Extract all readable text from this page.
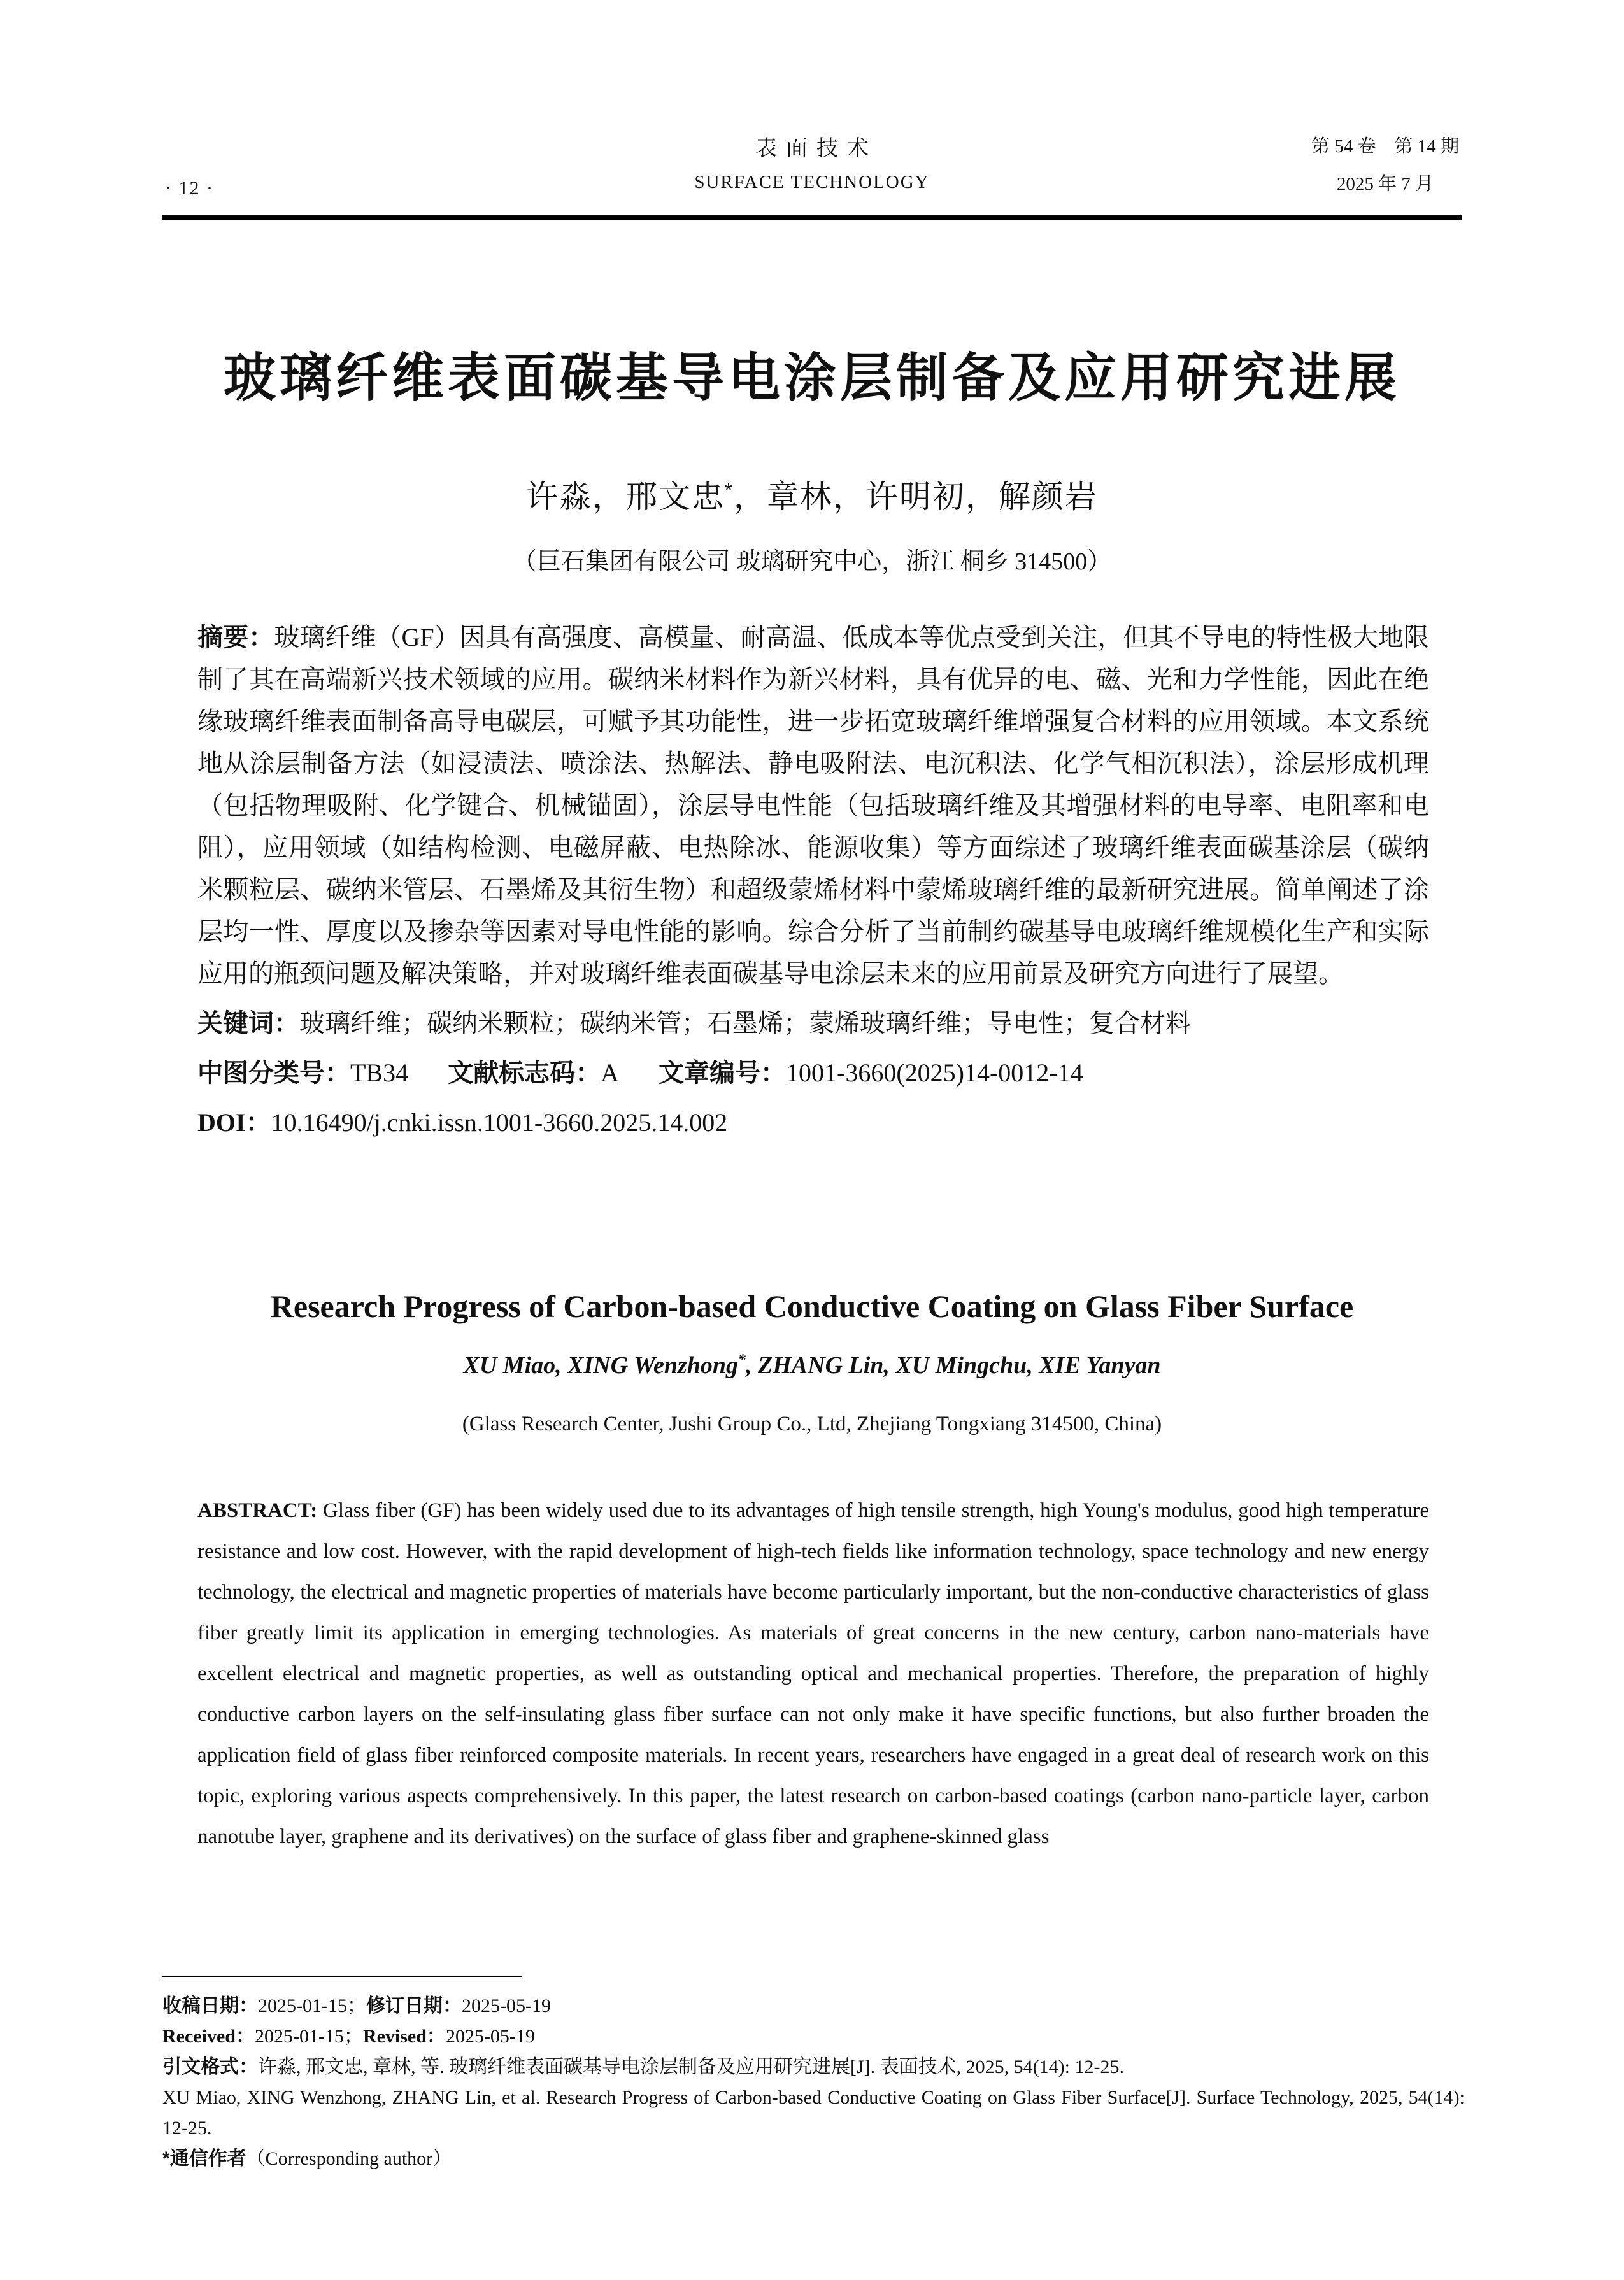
· 12 ·
表面技术
SURFACE TECHNOLOGY
第 54 卷　第 14 期
2025 年 7 月
玻璃纤维表面碳基导电涂层制备及应用研究进展
许淼，邢文忠*，章林，许明初，解颜岩
（巨石集团有限公司 玻璃研究中心，浙江 桐乡 314500）

摘要：玻璃纤维（GF）因具有高强度、高模量、耐高温、低成本等优点受到关注，但其不导电的特性极大地限制了其在高端新兴技术领域的应用。碳纳米材料作为新兴材料，具有优异的电、磁、光和力学性能，因此在绝缘玻璃纤维表面制备高导电碳层，可赋予其功能性，进一步拓宽玻璃纤维增强复合材料的应用领域。本文系统地从涂层制备方法（如浸渍法、喷涂法、热解法、静电吸附法、电沉积法、化学气相沉积法），涂层形成机理（包括物理吸附、化学键合、机械锚固），涂层导电性能（包括玻璃纤维及其增强材料的电导率、电阻率和电阻），应用领域（如结构检测、电磁屏蔽、电热除冰、能源收集）等方面综述了玻璃纤维表面碳基涂层（碳纳米颗粒层、碳纳米管层、石墨烯及其衍生物）和超级蒙烯材料中蒙烯玻璃纤维的最新研究进展。简单阐述了涂层均一性、厚度以及掺杂等因素对导电性能的影响。综合分析了当前制约碳基导电玻璃纤维规模化生产和实际应用的瓶颈问题及解决策略，并对玻璃纤维表面碳基导电涂层未来的应用前景及研究方向进行了展望。

关键词：玻璃纤维；碳纳米颗粒；碳纳米管；石墨烯；蒙烯玻璃纤维；导电性；复合材料

中图分类号：TB34 文献标志码：A 文章编号：1001-3660(2025)14-0012-14

DOI：10.16490/j.cnki.issn.1001-3660.2025.14.002

Research Progress of Carbon-based Conductive Coating on Glass Fiber Surface
XU Miao, XING Wenzhong*, ZHANG Lin, XU Mingchu, XIE Yanyan
(Glass Research Center, Jushi Group Co., Ltd, Zhejiang Tongxiang 314500, China)

ABSTRACT: Glass fiber (GF) has been widely used due to its advantages of high tensile strength, high Young's modulus, good high temperature resistance and low cost. However, with the rapid development of high-tech fields like information technology, space technology and new energy technology, the electrical and magnetic properties of materials have become particularly important, but the non-conductive characteristics of glass fiber greatly limit its application in emerging technologies. As materials of great concerns in the new century, carbon nano-materials have excellent electrical and magnetic properties, as well as outstanding optical and mechanical properties. Therefore, the preparation of highly conductive carbon layers on the self-insulating glass fiber surface can not only make it have specific functions, but also further broaden the application field of glass fiber reinforced composite materials. In recent years, researchers have engaged in a great deal of research work on this topic, exploring various aspects comprehensively. In this paper, the latest research on carbon-based coatings (carbon nano-particle layer, carbon nanotube layer, graphene and its derivatives) on the surface of glass fiber and graphene-skinned glass

收稿日期：2025-01-15；修订日期：2025-05-19

Received：2025-01-15；Revised：2025-05-19

引文格式：许淼, 邢文忠, 章林, 等. 玻璃纤维表面碳基导电涂层制备及应用研究进展[J]. 表面技术, 2025, 54(14): 12-25.

XU Miao, XING Wenzhong, ZHANG Lin, et al. Research Progress of Carbon-based Conductive Coating on Glass Fiber Surface[J]. Surface Technology, 2025, 54(14): 12-25.

*通信作者（Corresponding author）
